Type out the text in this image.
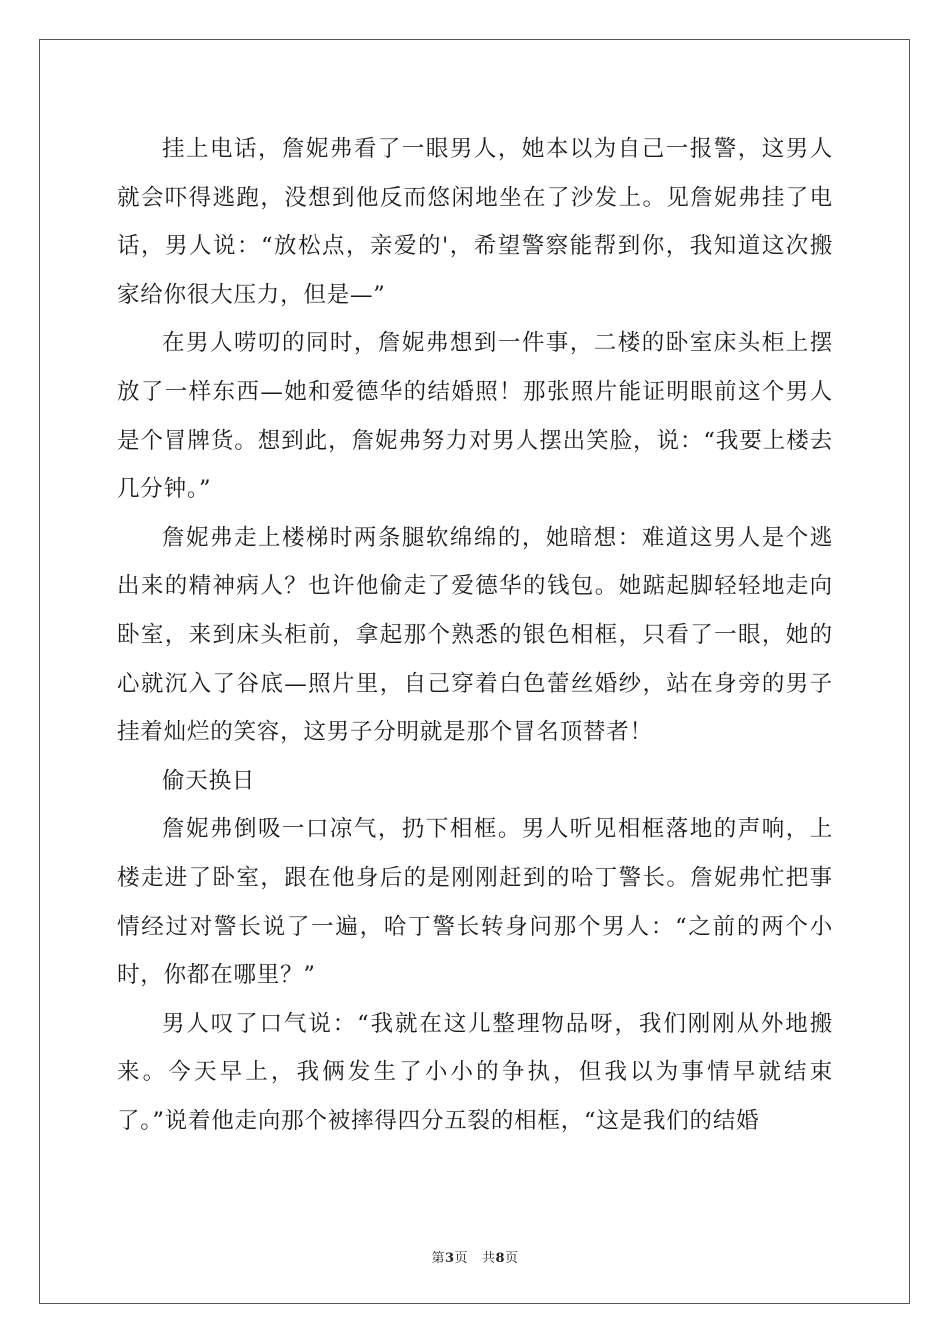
挂上电话，詹妮弗看了一眼男人，她本以为自己一报警，这男人就会吓得逃跑，没想到他反而悠闲地坐在了沙发上。见詹妮弗挂了电话，男人说：“放松点，亲爱的'，希望警察能帮到你，我知道这次搬家给你很大压力，但是—”

在男人唠叨的同时，詹妮弗想到一件事，二楼的卧室床头柜上摆放了一样东西—她和爱德华的结婚照！那张照片能证明眼前这个男人是个冒牌货。想到此，詹妮弗努力对男人摆出笑脸，说：“我要上楼去几分钟。”

詹妮弗走上楼梯时两条腿软绵绵的，她暗想：难道这男人是个逃出来的精神病人？也许他偷走了爱德华的钱包。她踮起脚轻轻地走向卧室，来到床头柜前，拿起那个熟悉的银色相框，只看了一眼，她的心就沉入了谷底—照片里，自己穿着白色蕾丝婚纱，站在身旁的男子挂着灿烂的笑容，这男子分明就是那个冒名顶替者！

偷天换日

詹妮弗倒吸一口凉气，扔下相框。男人听见相框落地的声响，上楼走进了卧室，跟在他身后的是刚刚赶到的哈丁警长。詹妮弗忙把事情经过对警长说了一遍，哈丁警长转身问那个男人：“之前的两个小时，你都在哪里？”

男人叹了口气说：“我就在这儿整理物品呀，我们刚刚从外地搬来。今天早上，我俩发生了小小的争执，但我以为事情早就结束了。”说着他走向那个被摔得四分五裂的相框，“这是我们的结婚

第3页 共8页
